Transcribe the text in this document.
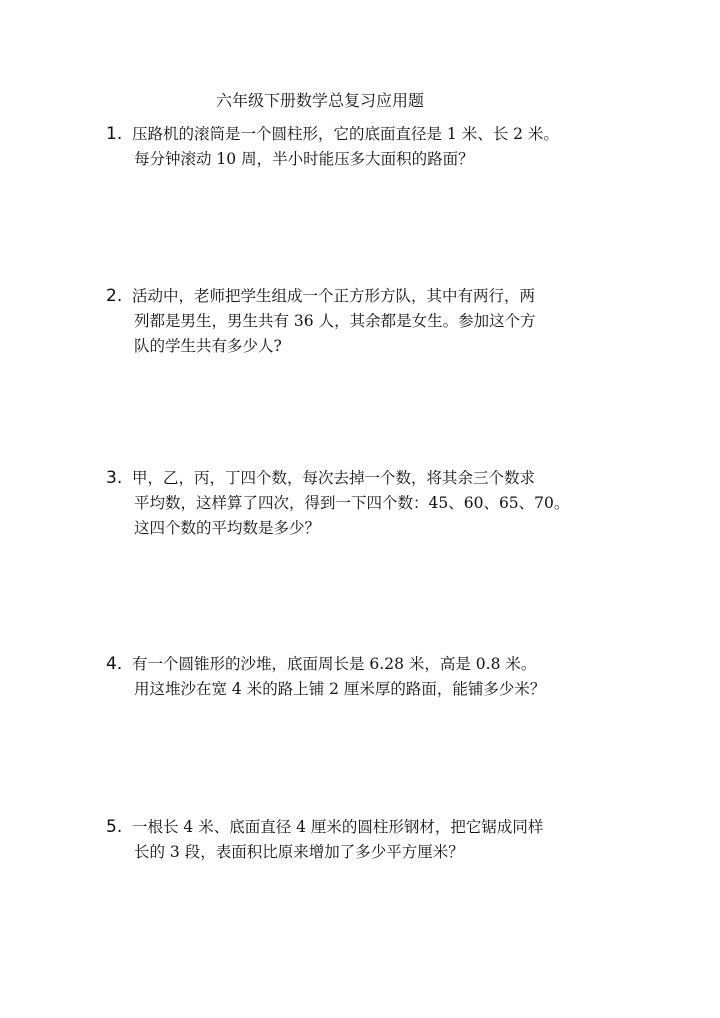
六年级下册数学总复习应用题
1. 压路机的滚筒是一个圆柱形，它的底面直径是 1 米、长 2 米。
每分钟滚动 10 周，半小时能压多大面积的路面？
2. 活动中，老师把学生组成一个正方形方队，其中有两行，两
列都是男生，男生共有 36 人，其余都是女生。参加这个方
队的学生共有多少人?
3. 甲，乙，丙，丁四个数，每次去掉一个数，将其余三个数求
平均数，这样算了四次，得到一下四个数：45、60、65、70。
这四个数的平均数是多少？
4. 有一个圆锥形的沙堆，底面周长是 6.28 米，高是 0.8 米。
用这堆沙在宽 4 米的路上铺 2 厘米厚的路面，能铺多少米？
5. 一根长 4 米、底面直径 4 厘米的圆柱形钢材，把它锯成同样
长的 3 段，表面积比原来增加了多少平方厘米？
